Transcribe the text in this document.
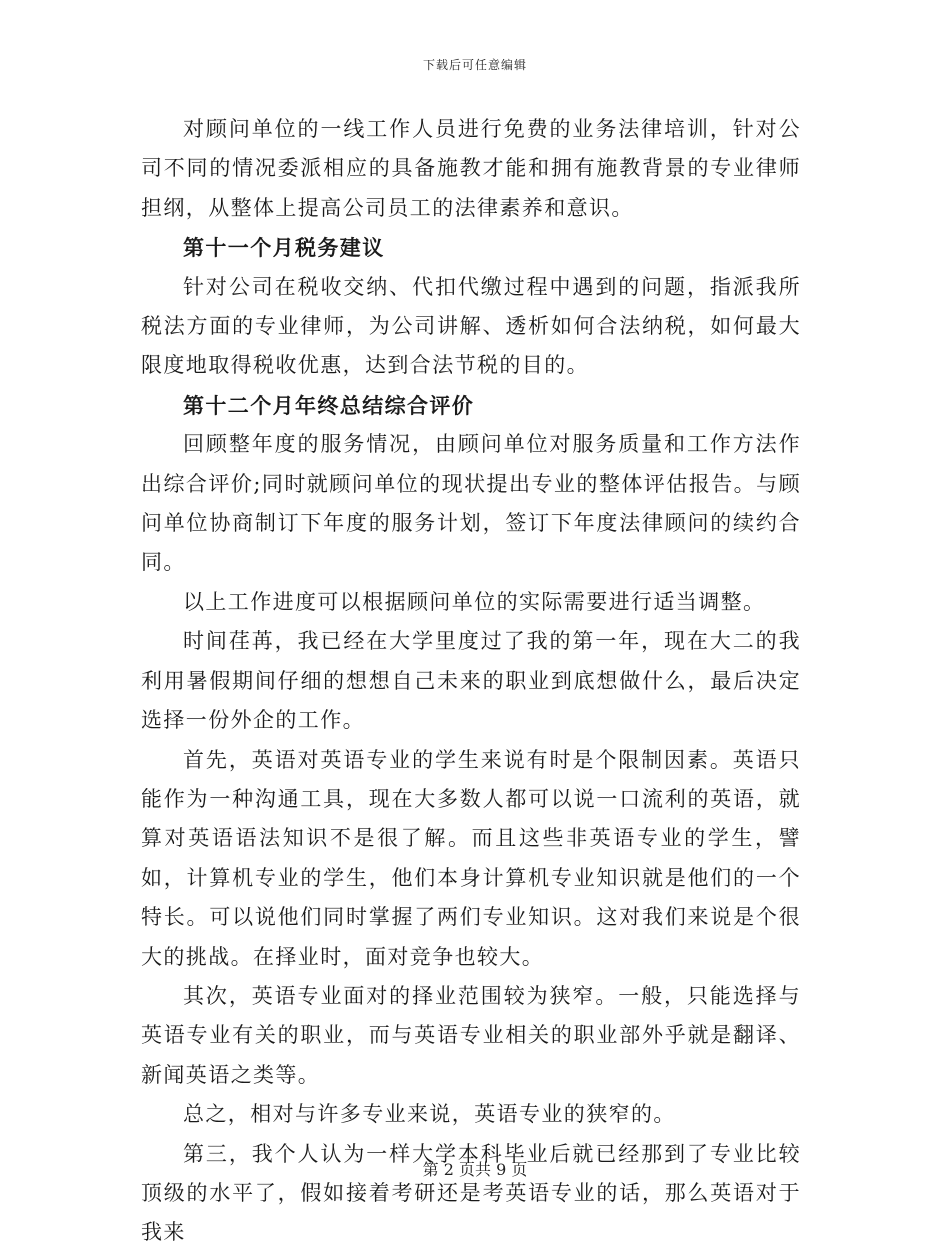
下载后可任意编辑

对顾问单位的一线工作人员进行免费的业务法律培训，针对公司不同的情况委派相应的具备施教才能和拥有施教背景的专业律师担纲，从整体上提高公司员工的法律素养和意识。

第十一个月税务建议

针对公司在税收交纳、代扣代缴过程中遇到的问题，指派我所税法方面的专业律师，为公司讲解、透析如何合法纳税，如何最大限度地取得税收优惠，达到合法节税的目的。

第十二个月年终总结综合评价

回顾整年度的服务情况，由顾问单位对服务质量和工作方法作出综合评价;同时就顾问单位的现状提出专业的整体评估报告。与顾问单位协商制订下年度的服务计划，签订下年度法律顾问的续约合同。

以上工作进度可以根据顾问单位的实际需要进行适当调整。

时间荏苒，我已经在大学里度过了我的第一年，现在大二的我利用暑假期间仔细的想想自己未来的职业到底想做什么，最后决定选择一份外企的工作。

首先，英语对英语专业的学生来说有时是个限制因素。英语只能作为一种沟通工具，现在大多数人都可以说一口流利的英语，就算对英语语法知识不是很了解。而且这些非英语专业的学生，譬如，计算机专业的学生，他们本身计算机专业知识就是他们的一个特长。可以说他们同时掌握了两们专业知识。这对我们来说是个很大的挑战。在择业时，面对竞争也较大。

其次，英语专业面对的择业范围较为狭窄。一般，只能选择与英语专业有关的职业，而与英语专业相关的职业部外乎就是翻译、新闻英语之类等。

总之，相对与许多专业来说，英语专业的狭窄的。

第三，我个人认为一样大学本科毕业后就已经那到了专业比较顶级的水平了，假如接着考研还是考英语专业的话，那么英语对于我来

第 2 页共 9 页
